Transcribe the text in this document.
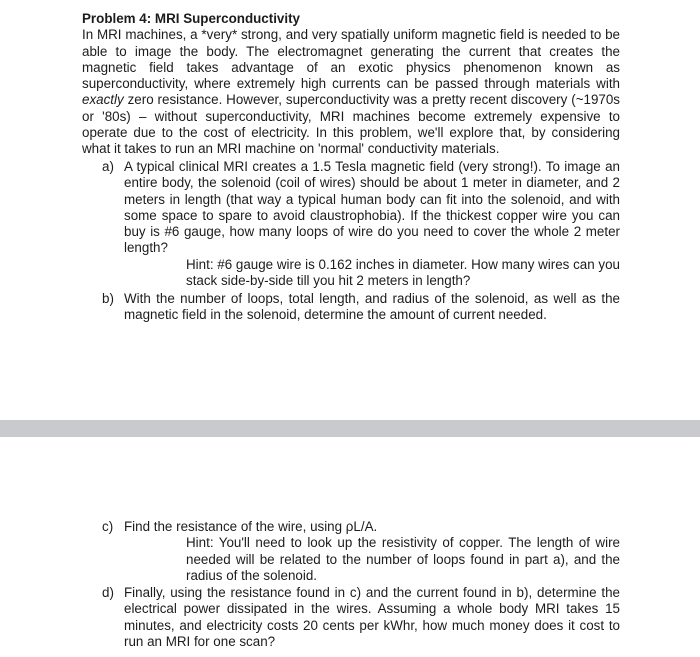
Problem 4: MRI Superconductivity
In MRI machines, a *very* strong, and very spatially uniform magnetic field is needed to be able to image the body. The electromagnet generating the current that creates the magnetic field takes advantage of an exotic physics phenomenon known as superconductivity, where extremely high currents can be passed through materials with exactly zero resistance. However, superconductivity was a pretty recent discovery (~1970s or '80s) – without superconductivity, MRI machines become extremely expensive to operate due to the cost of electricity. In this problem, we'll explore that, by considering what it takes to run an MRI machine on 'normal' conductivity materials.
a) A typical clinical MRI creates a 1.5 Tesla magnetic field (very strong!). To image an entire body, the solenoid (coil of wires) should be about 1 meter in diameter, and 2 meters in length (that way a typical human body can fit into the solenoid, and with some space to spare to avoid claustrophobia). If the thickest copper wire you can buy is #6 gauge, how many loops of wire do you need to cover the whole 2 meter length?
Hint: #6 gauge wire is 0.162 inches in diameter. How many wires can you stack side-by-side till you hit 2 meters in length?
b) With the number of loops, total length, and radius of the solenoid, as well as the magnetic field in the solenoid, determine the amount of current needed.
c) Find the resistance of the wire, using ρL/A.
Hint: You'll need to look up the resistivity of copper. The length of wire needed will be related to the number of loops found in part a), and the radius of the solenoid.
d) Finally, using the resistance found in c) and the current found in b), determine the electrical power dissipated in the wires. Assuming a whole body MRI takes 15 minutes, and electricity costs 20 cents per kWhr, how much money does it cost to run an MRI for one scan?
